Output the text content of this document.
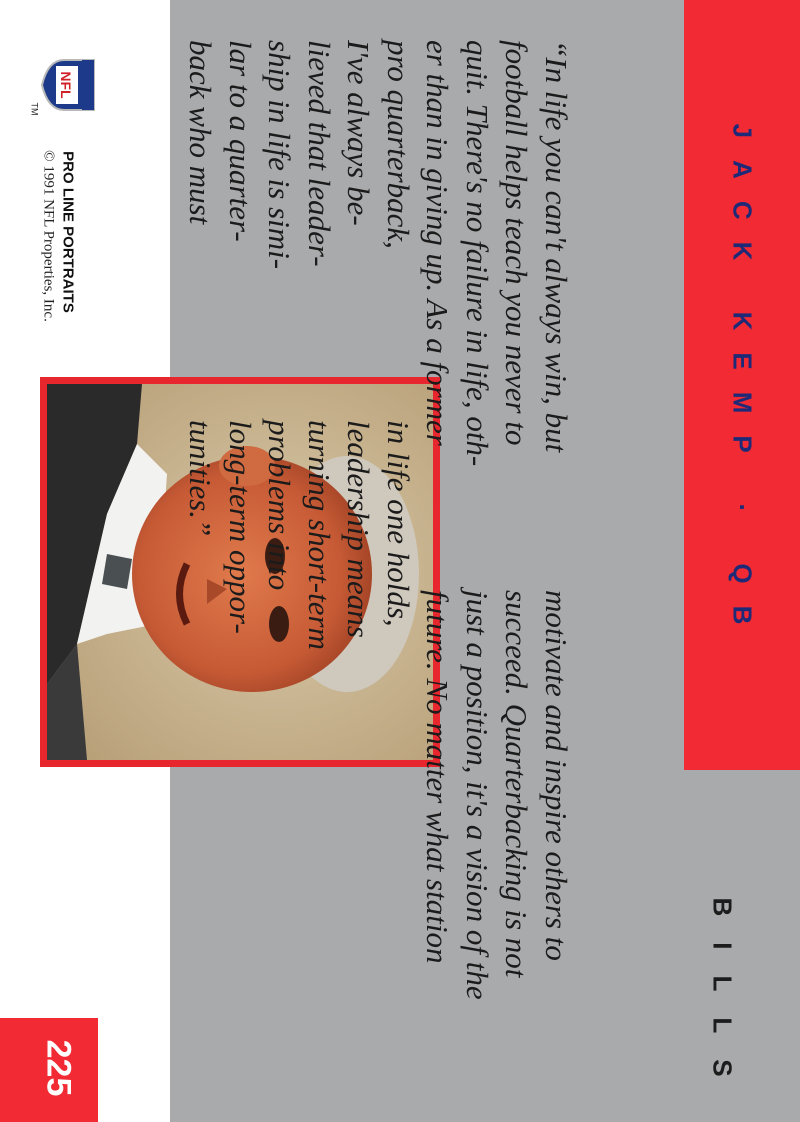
JACK KEMP · QB
BILLS
“In life you can't always win, but
football helps teach you never to
quit. There's no failure in life, oth-
er than in giving up. As a former
pro quarterback,
I've always be-
lieved that leader-
ship in life is simi-
lar to a quarter-
back who must
motivate and inspire others to
succeed. Quarterbacking is not
just a position, it's a vision of the
future. No matter what station
in life one holds,
leadership means
turning short-term
problems into
long-term oppor-
tunities.”
NFL
TM
PRO LINE PORTRAITS
© 1991 NFL Properties, Inc.
225
